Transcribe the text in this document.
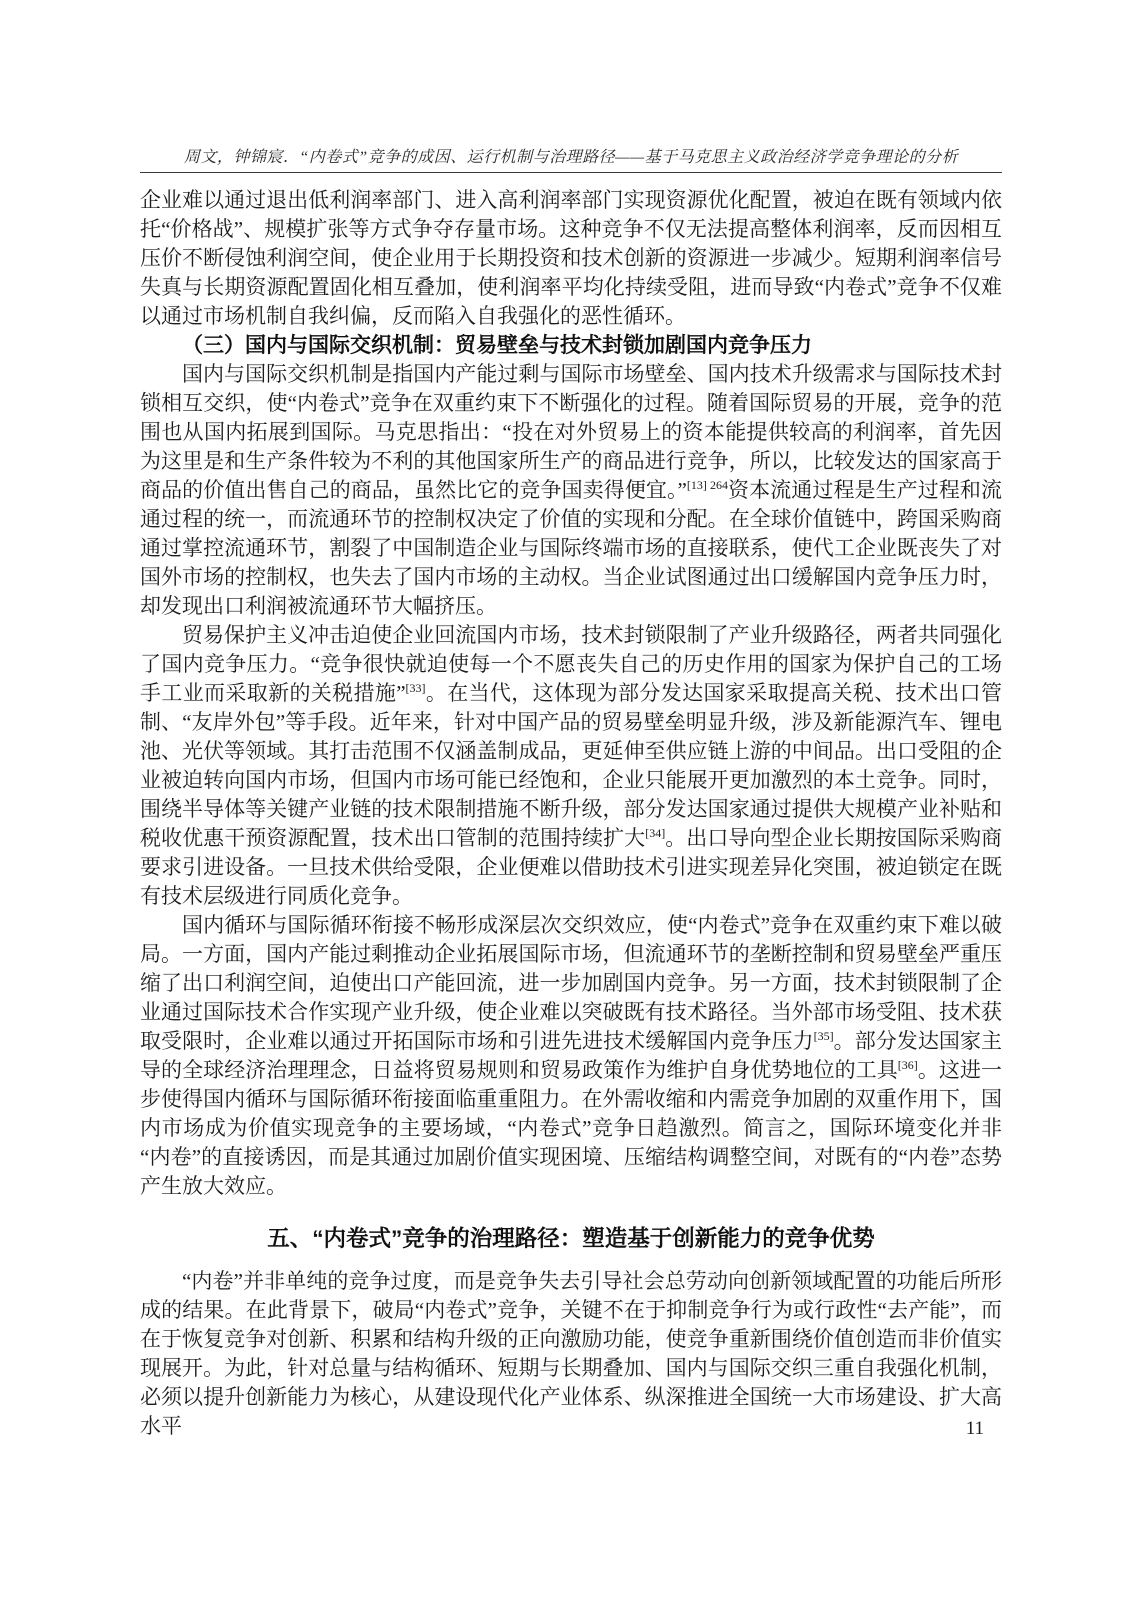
周文，钟锦宸．“内卷式”竞争的成因、运行机制与治理路径——基于马克思主义政治经济学竞争理论的分析

企业难以通过退出低利润率部门、进入高利润率部门实现资源优化配置，被迫在既有领域内依托“价格战”、规模扩张等方式争夺存量市场。这种竞争不仅无法提高整体利润率，反而因相互压价不断侵蚀利润空间，使企业用于长期投资和技术创新的资源进一步减少。短期利润率信号失真与长期资源配置固化相互叠加，使利润率平均化持续受阻，进而导致“内卷式”竞争不仅难以通过市场机制自我纠偏，反而陷入自我强化的恶性循环。

（三）国内与国际交织机制：贸易壁垒与技术封锁加剧国内竞争压力

国内与国际交织机制是指国内产能过剩与国际市场壁垒、国内技术升级需求与国际技术封锁相互交织，使“内卷式”竞争在双重约束下不断强化的过程。随着国际贸易的开展，竞争的范围也从国内拓展到国际。马克思指出：“投在对外贸易上的资本能提供较高的利润率，首先因为这里是和生产条件较为不利的其他国家所生产的商品进行竞争，所以，比较发达的国家高于商品的价值出售自己的商品，虽然比它的竞争国卖得便宜。”$^{[13] 264}$资本流通过程是生产过程和流通过程的统一，而流通环节的控制权决定了价值的实现和分配。在全球价值链中，跨国采购商通过掌控流通环节，割裂了中国制造企业与国际终端市场的直接联系，使代工企业既丧失了对国外市场的控制权，也失去了国内市场的主动权。当企业试图通过出口缓解国内竞争压力时，却发现出口利润被流通环节大幅挤压。

贸易保护主义冲击迫使企业回流国内市场，技术封锁限制了产业升级路径，两者共同强化了国内竞争压力。“竞争很快就迫使每一个不愿丧失自己的历史作用的国家为保护自己的工场手工业而采取新的关税措施”[33]。在当代，这体现为部分发达国家采取提高关税、技术出口管制、“友岸外包”等手段。近年来，针对中国产品的贸易壁垒明显升级，涉及新能源汽车、锂电池、光伏等领域。其打击范围不仅涵盖制成品，更延伸至供应链上游的中间品。出口受阻的企业被迫转向国内市场，但国内市场可能已经饱和，企业只能展开更加激烈的本土竞争。同时，围绕半导体等关键产业链的技术限制措施不断升级，部分发达国家通过提供大规模产业补贴和税收优惠干预资源配置，技术出口管制的范围持续扩大[34]。出口导向型企业长期按国际采购商要求引进设备。一旦技术供给受限，企业便难以借助技术引进实现差异化突围，被迫锁定在既有技术层级进行同质化竞争。

国内循环与国际循环衔接不畅形成深层次交织效应，使“内卷式”竞争在双重约束下难以破局。一方面，国内产能过剩推动企业拓展国际市场，但流通环节的垄断控制和贸易壁垒严重压缩了出口利润空间，迫使出口产能回流，进一步加剧国内竞争。另一方面，技术封锁限制了企业通过国际技术合作实现产业升级，使企业难以突破既有技术路径。当外部市场受阻、技术获取受限时，企业难以通过开拓国际市场和引进先进技术缓解国内竞争压力[35]。部分发达国家主导的全球经济治理理念，日益将贸易规则和贸易政策作为维护自身优势地位的工具[36]。这进一步使得国内循环与国际循环衔接面临重重阻力。在外需收缩和内需竞争加剧的双重作用下，国内市场成为价值实现竞争的主要场域，“内卷式”竞争日趋激烈。简言之，国际环境变化并非“内卷”的直接诱因，而是其通过加剧价值实现困境、压缩结构调整空间，对既有的“内卷”态势产生放大效应。

五、“内卷式”竞争的治理路径：塑造基于创新能力的竞争优势

“内卷”并非单纯的竞争过度，而是竞争失去引导社会总劳动向创新领域配置的功能后所形成的结果。在此背景下，破局“内卷式”竞争，关键不在于抑制竞争行为或行政性“去产能”，而在于恢复竞争对创新、积累和结构升级的正向激励功能，使竞争重新围绕价值创造而非价值实现展开。为此，针对总量与结构循环、短期与长期叠加、国内与国际交织三重自我强化机制，必须以提升创新能力为核心，从建设现代化产业体系、纵深推进全国统一大市场建设、扩大高水平	11
